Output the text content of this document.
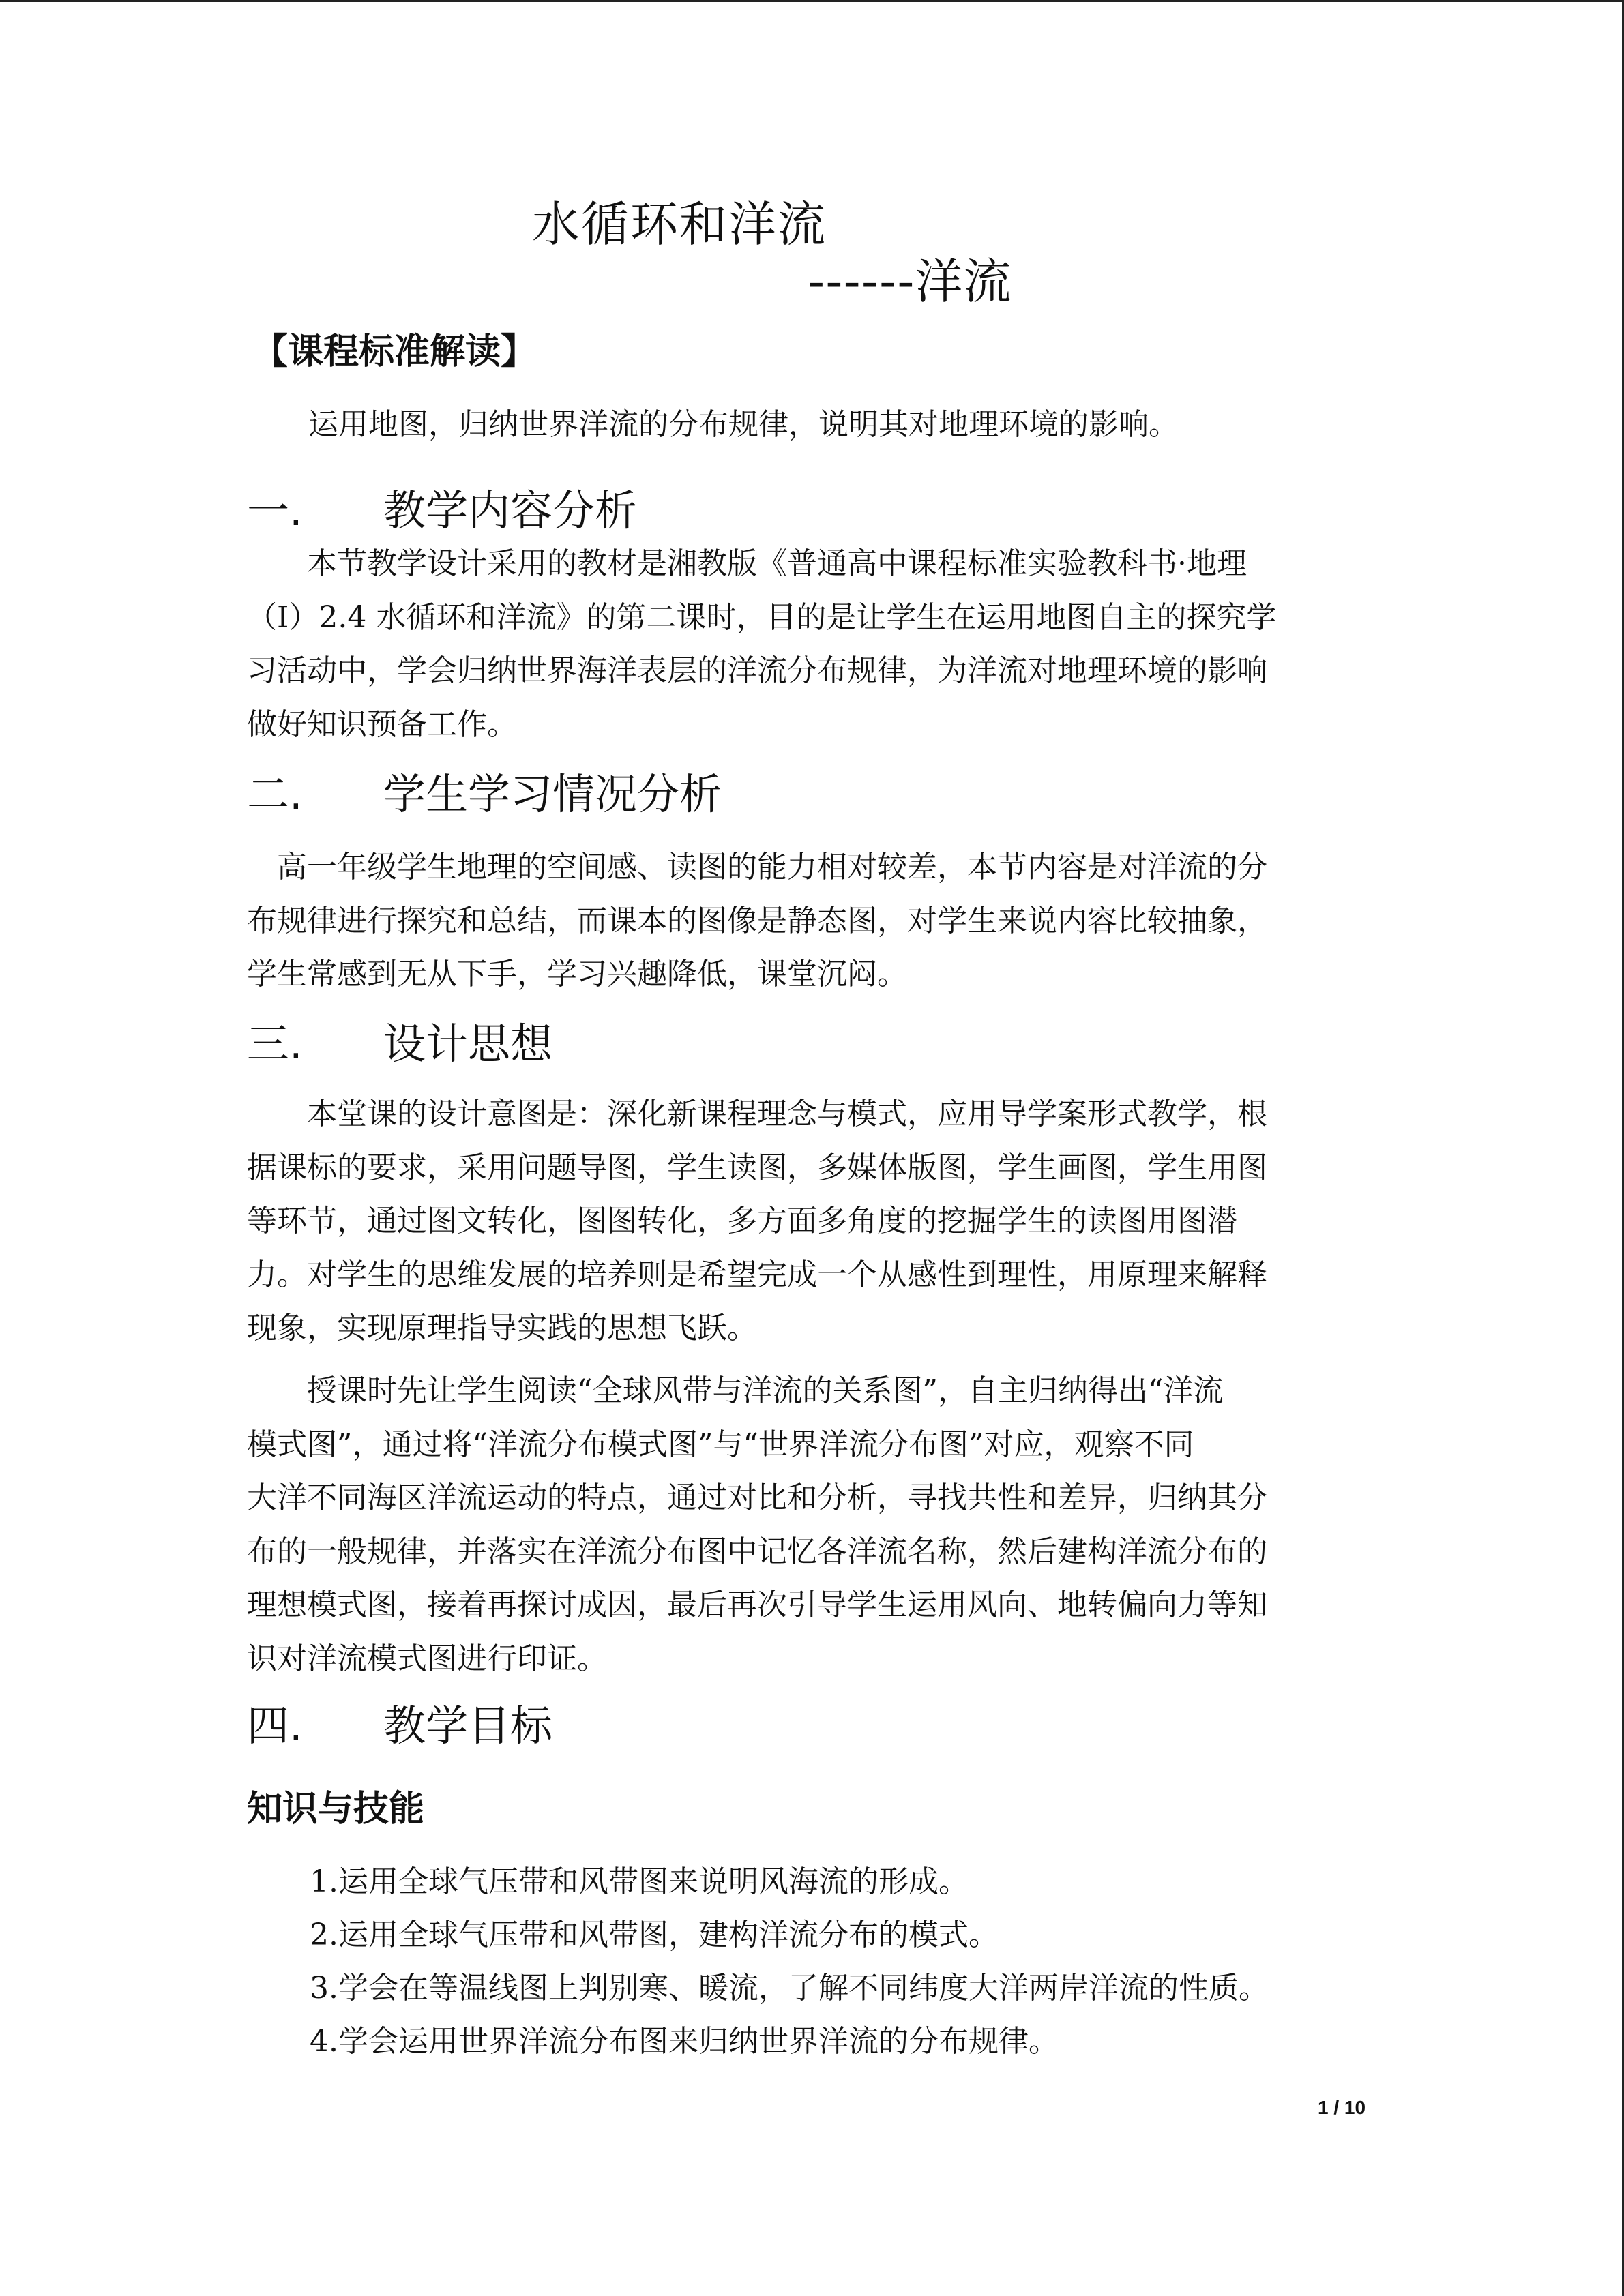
水循环和洋流
------洋流
【课程标准解读】
运用地图，归纳世界洋流的分布规律，说明其对地理环境的影响。
一. 教学内容分析
　　本节教学设计采用的教材是湘教版《普通高中课程标准实验教科书·地理
（I）2.4 水循环和洋流》的第二课时，目的是让学生在运用地图自主的探究学
习活动中，学会归纳世界海洋表层的洋流分布规律，为洋流对地理环境的影响
做好知识预备工作。
二. 学生学习情况分析
　高一年级学生地理的空间感、读图的能力相对较差，本节内容是对洋流的分
布规律进行探究和总结，而课本的图像是静态图，对学生来说内容比较抽象，
学生常感到无从下手，学习兴趣降低，课堂沉闷。
三. 设计思想
　　本堂课的设计意图是：深化新课程理念与模式，应用导学案形式教学，根
据课标的要求，采用问题导图，学生读图，多媒体版图，学生画图，学生用图
等环节，通过图文转化，图图转化，多方面多角度的挖掘学生的读图用图潜
力。对学生的思维发展的培养则是希望完成一个从感性到理性，用原理来解释
现象，实现原理指导实践的思想飞跃。
　　授课时先让学生阅读“全球风带与洋流的关系图”，自主归纳得出“洋流
模式图”，通过将“洋流分布模式图”与“世界洋流分布图”对应，观察不同
大洋不同海区洋流运动的特点，通过对比和分析，寻找共性和差异，归纳其分
布的一般规律，并落实在洋流分布图中记忆各洋流名称，然后建构洋流分布的
理想模式图，接着再探讨成因，最后再次引导学生运用风向、地转偏向力等知
识对洋流模式图进行印证。
四. 教学目标
知识与技能
1.运用全球气压带和风带图来说明风海流的形成。
2.运用全球气压带和风带图，建构洋流分布的模式。
3.学会在等温线图上判别寒、暖流，了解不同纬度大洋两岸洋流的性质。
4.学会运用世界洋流分布图来归纳世界洋流的分布规律。
1 / 10
